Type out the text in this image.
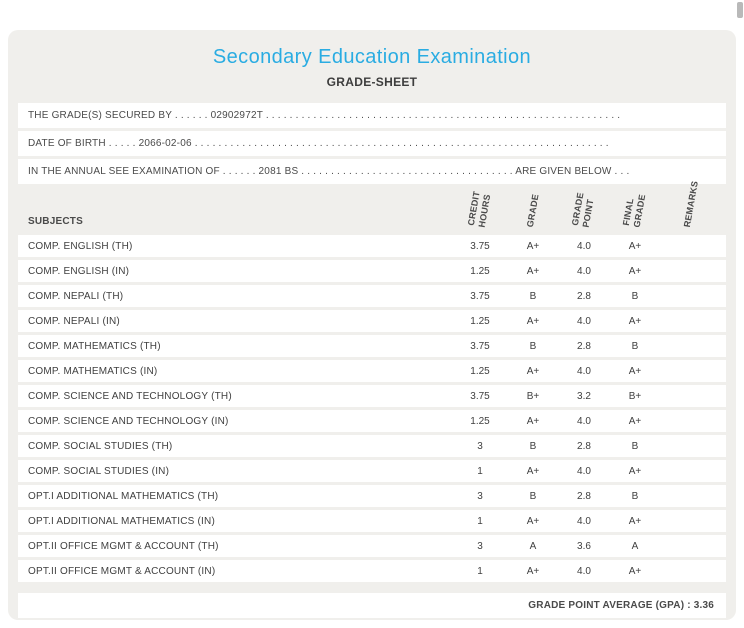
Secondary Education Examination
GRADE-SHEET
THE GRADE(S) SECURED BY . . . . . . 02902972T . . . . . . . . . . . . . . . . . . . . . . . . . . . . . . . . . . . . . . . . . . . . . . . . . . . . . . . . . . . .
DATE OF BIRTH . . . . . 2066-02-06 . . . . . . . . . . . . . . . . . . . . . . . . . . . . . . . . . . . . . . . . . . . . . . . . . . . . . . . . . . . . . . . . . . . . . .
IN THE ANNUAL SEE EXAMINATION OF . . . . . . 2081 BS . . . . . . . . . . . . . . . . . . . . . . . . . . . . . . . . . . . . ARE GIVEN BELOW . . .
SUBJECTS	CREDIT HOURS	GRADE	GRADE POINT	FINAL GRADE	REMARKS
COMP. ENGLISH (TH)	3.75	A+	4.0	A+
COMP. ENGLISH (IN)	1.25	A+	4.0	A+
COMP. NEPALI (TH)	3.75	B	2.8	B
COMP. NEPALI (IN)	1.25	A+	4.0	A+
COMP. MATHEMATICS (TH)	3.75	B	2.8	B
COMP. MATHEMATICS (IN)	1.25	A+	4.0	A+
COMP. SCIENCE AND TECHNOLOGY (TH)	3.75	B+	3.2	B+
COMP. SCIENCE AND TECHNOLOGY (IN)	1.25	A+	4.0	A+
COMP. SOCIAL STUDIES (TH)	3	B	2.8	B
COMP. SOCIAL STUDIES (IN)	1	A+	4.0	A+
OPT.I ADDITIONAL MATHEMATICS (TH)	3	B	2.8	B
OPT.I ADDITIONAL MATHEMATICS (IN)	1	A+	4.0	A+
OPT.II OFFICE MGMT & ACCOUNT (TH)	3	A	3.6	A
OPT.II OFFICE MGMT & ACCOUNT (IN)	1	A+	4.0	A+
GRADE POINT AVERAGE (GPA) : 3.36
